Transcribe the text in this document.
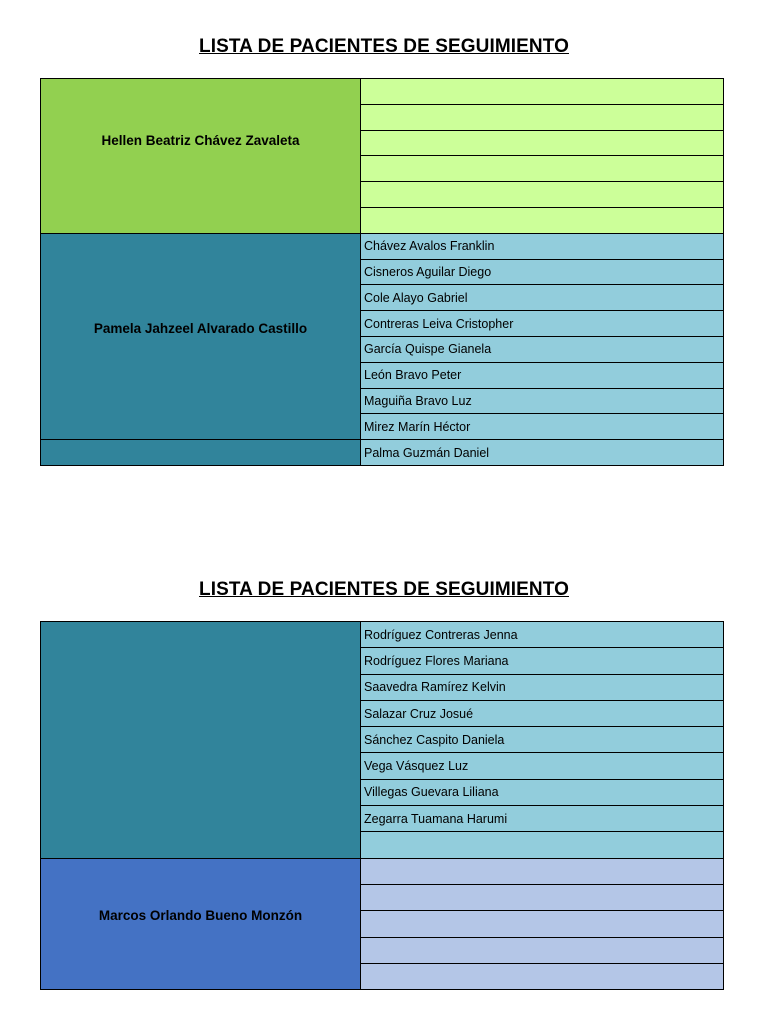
LISTA DE PACIENTES DE SEGUIMIENTO
Hellen Beatriz Chávez Zavaleta	

Pamela Jahzeel Alvarado Castillo	Chávez Avalos Franklin
	Cisneros Aguilar Diego
	Cole Alayo Gabriel
	Contreras Leiva Cristopher
	García Quispe Gianela
	León Bravo Peter
	Maguiña Bravo Luz
	Mirez Marín Héctor
	Palma Guzmán Daniel
LISTA DE PACIENTES DE SEGUIMIENTO
	Rodríguez Contreras Jenna
	Rodríguez Flores Mariana
	Saavedra Ramírez Kelvin
	Salazar Cruz Josué
	Sánchez Caspito Daniela
	Vega Vásquez Luz
	Villegas Guevara Liliana
	Zegarra Tuamana Harumi

Marcos Orlando Bueno Monzón	
